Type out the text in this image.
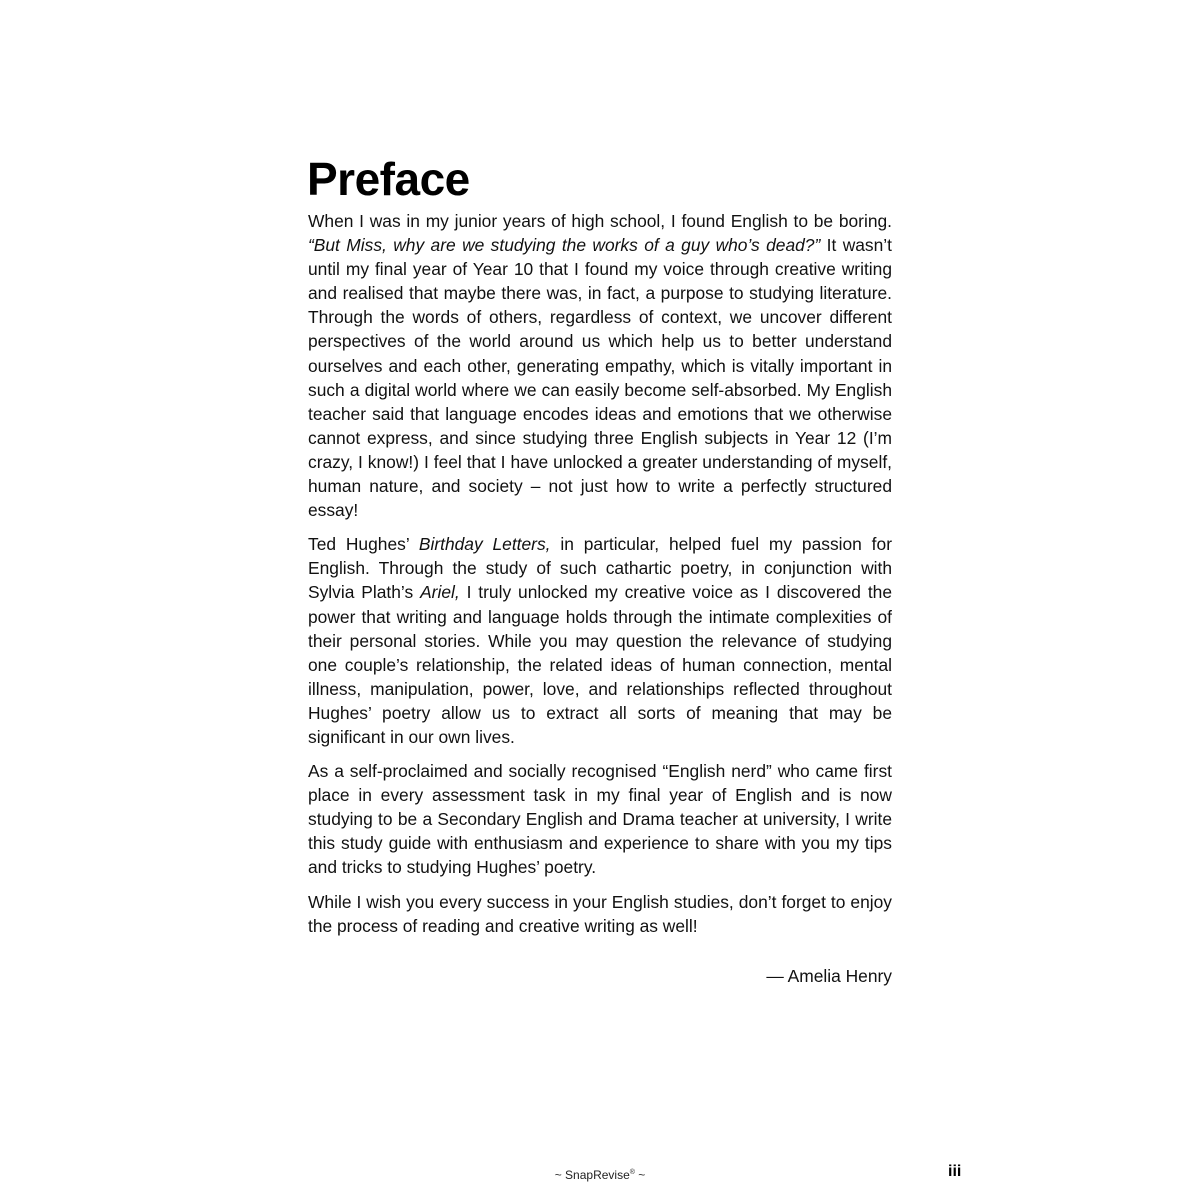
Preface

When I was in my junior years of high school, I found English to be boring. “But Miss, why are we studying the works of a guy who’s dead?” It wasn’t until my final year of Year 10 that I found my voice through creative writing and realised that maybe there was, in fact, a purpose to studying literature. Through the words of others, regardless of context, we uncover different perspectives of the world around us which help us to better understand ourselves and each other, generating empathy, which is vitally important in such a digital world where we can easily become self-absorbed. My English teacher said that language encodes ideas and emotions that we otherwise cannot express, and since studying three English subjects in Year 12 (I’m crazy, I know!) I feel that I have unlocked a greater understanding of myself, human nature, and society – not just how to write a perfectly structured essay!

Ted Hughes’ Birthday Letters, in particular, helped fuel my passion for English. Through the study of such cathartic poetry, in conjunction with Sylvia Plath’s Ariel, I truly unlocked my creative voice as I discovered the power that writing and language holds through the intimate complexities of their personal stories. While you may question the relevance of studying one couple’s relationship, the related ideas of human connection, mental illness, manipulation, power, love, and relationships reflected throughout Hughes’ poetry allow us to extract all sorts of meaning that may be significant in our own lives.

As a self-proclaimed and socially recognised “English nerd” who came first place in every assessment task in my final year of English and is now studying to be a Secondary English and Drama teacher at university, I write this study guide with enthusiasm and experience to share with you my tips and tricks to studying Hughes’ poetry.

While I wish you every success in your English studies, don’t forget to enjoy the process of reading and creative writing as well!

— Amelia Henry

~ SnapRevise® ~	iii
